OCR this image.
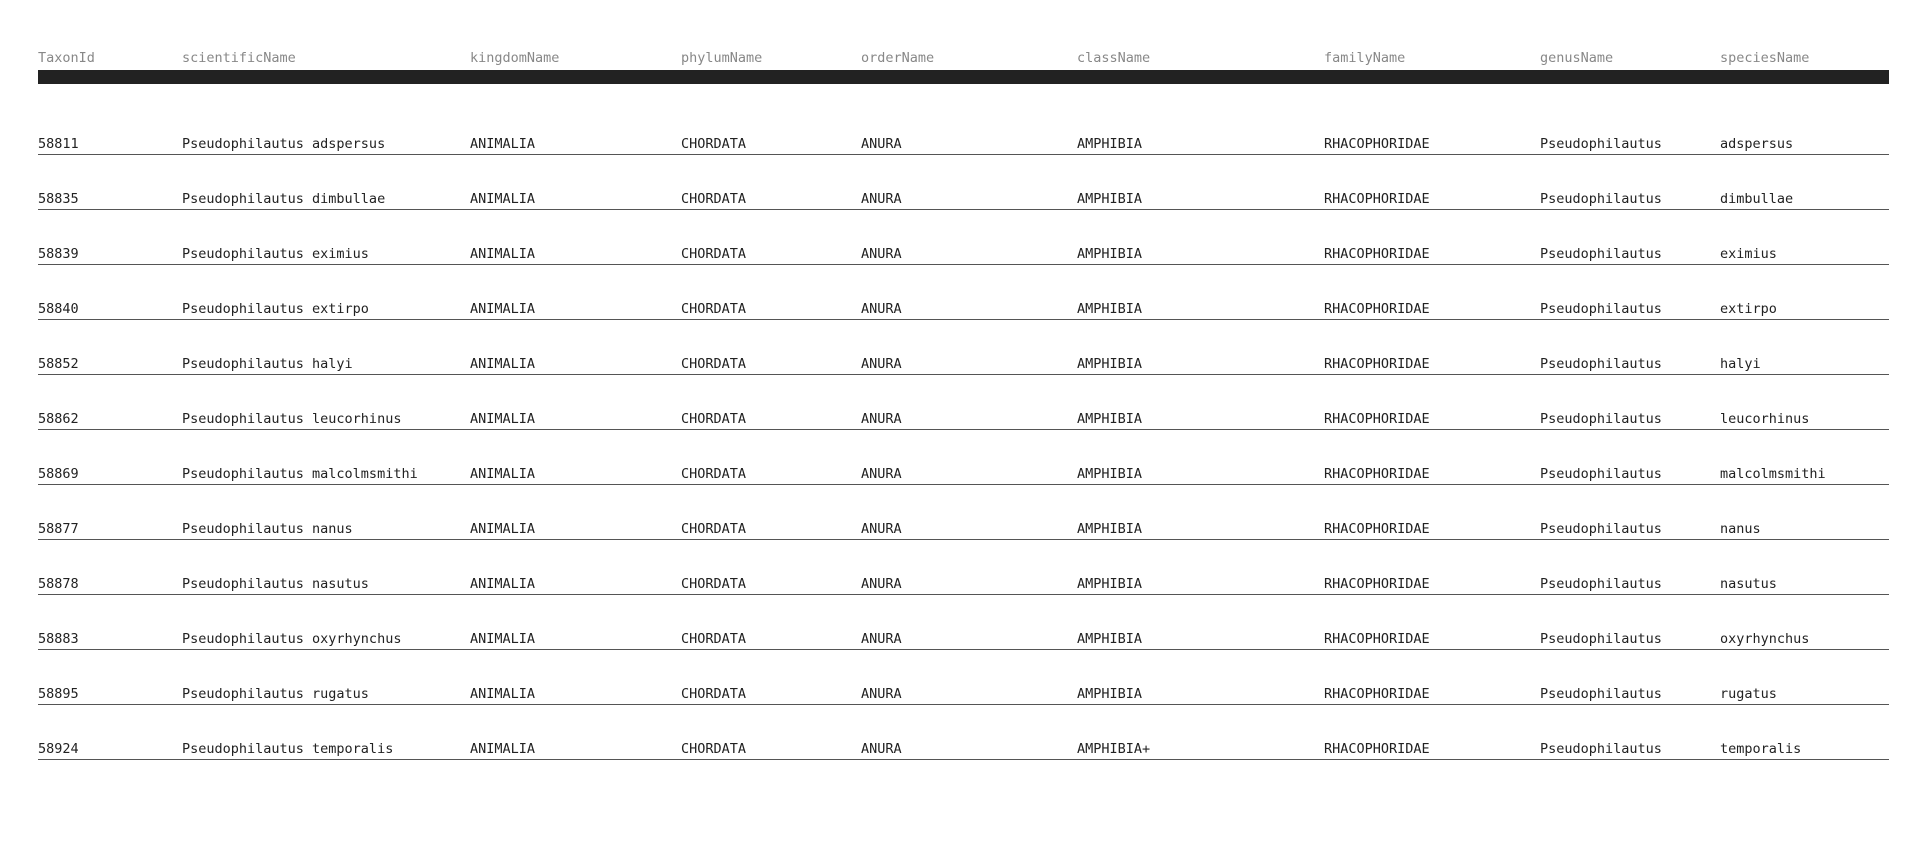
TaxonId	scientificName	kingdomName	phylumName	orderName	className	familyName	genusName	speciesName
58811	Pseudophilautus adspersus	ANIMALIA	CHORDATA	ANURA	AMPHIBIA	RHACOPHORIDAE	Pseudophilautus	adspersus
58835	Pseudophilautus dimbullae	ANIMALIA	CHORDATA	ANURA	AMPHIBIA	RHACOPHORIDAE	Pseudophilautus	dimbullae
58839	Pseudophilautus eximius	ANIMALIA	CHORDATA	ANURA	AMPHIBIA	RHACOPHORIDAE	Pseudophilautus	eximius
58840	Pseudophilautus extirpo	ANIMALIA	CHORDATA	ANURA	AMPHIBIA	RHACOPHORIDAE	Pseudophilautus	extirpo
58852	Pseudophilautus halyi	ANIMALIA	CHORDATA	ANURA	AMPHIBIA	RHACOPHORIDAE	Pseudophilautus	halyi
58862	Pseudophilautus leucorhinus	ANIMALIA	CHORDATA	ANURA	AMPHIBIA	RHACOPHORIDAE	Pseudophilautus	leucorhinus
58869	Pseudophilautus malcolmsmithi	ANIMALIA	CHORDATA	ANURA	AMPHIBIA	RHACOPHORIDAE	Pseudophilautus	malcolmsmithi
58877	Pseudophilautus nanus	ANIMALIA	CHORDATA	ANURA	AMPHIBIA	RHACOPHORIDAE	Pseudophilautus	nanus
58878	Pseudophilautus nasutus	ANIMALIA	CHORDATA	ANURA	AMPHIBIA	RHACOPHORIDAE	Pseudophilautus	nasutus
58883	Pseudophilautus oxyrhynchus	ANIMALIA	CHORDATA	ANURA	AMPHIBIA	RHACOPHORIDAE	Pseudophilautus	oxyrhynchus
58895	Pseudophilautus rugatus	ANIMALIA	CHORDATA	ANURA	AMPHIBIA	RHACOPHORIDAE	Pseudophilautus	rugatus
58924	Pseudophilautus temporalis	ANIMALIA	CHORDATA	ANURA	AMPHIBIA+	RHACOPHORIDAE	Pseudophilautus	temporalis
